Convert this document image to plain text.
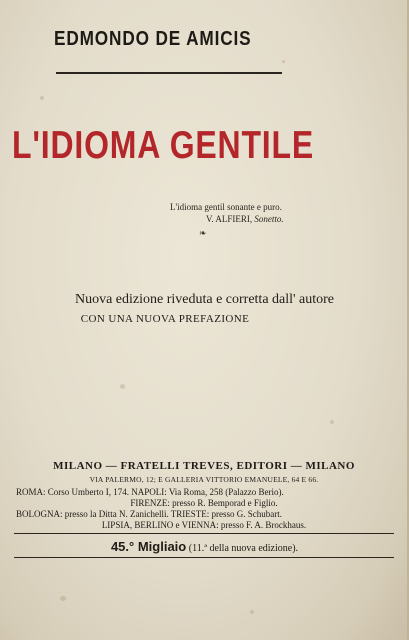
EDMONDO DE AMICIS
L'IDIOMA GENTILE
L'idioma gentil sonante e puro.
V. ALFIERI, Sonetto.
❧
Nuova edizione riveduta e corretta dall' autore
CON UNA NUOVA PREFAZIONE
MILANO — FRATELLI TREVES, EDITORI — MILANO
VIA PALERMO, 12; E GALLERIA VITTORIO EMANUELE, 64 E 66.
ROMA: Corso Umberto I, 174. NAPOLI: Via Roma, 258 (Palazzo Berio).
FIRENZE: presso R. Bemporad e Figlio.
BOLOGNA: presso la Ditta N. Zanichelli. TRIESTE: presso G. Schubart.
LIPSIA, BERLINO e VIENNA: presso F. A. Brockhaus.
45.° Migliaio (11.ª della nuova edizione).
